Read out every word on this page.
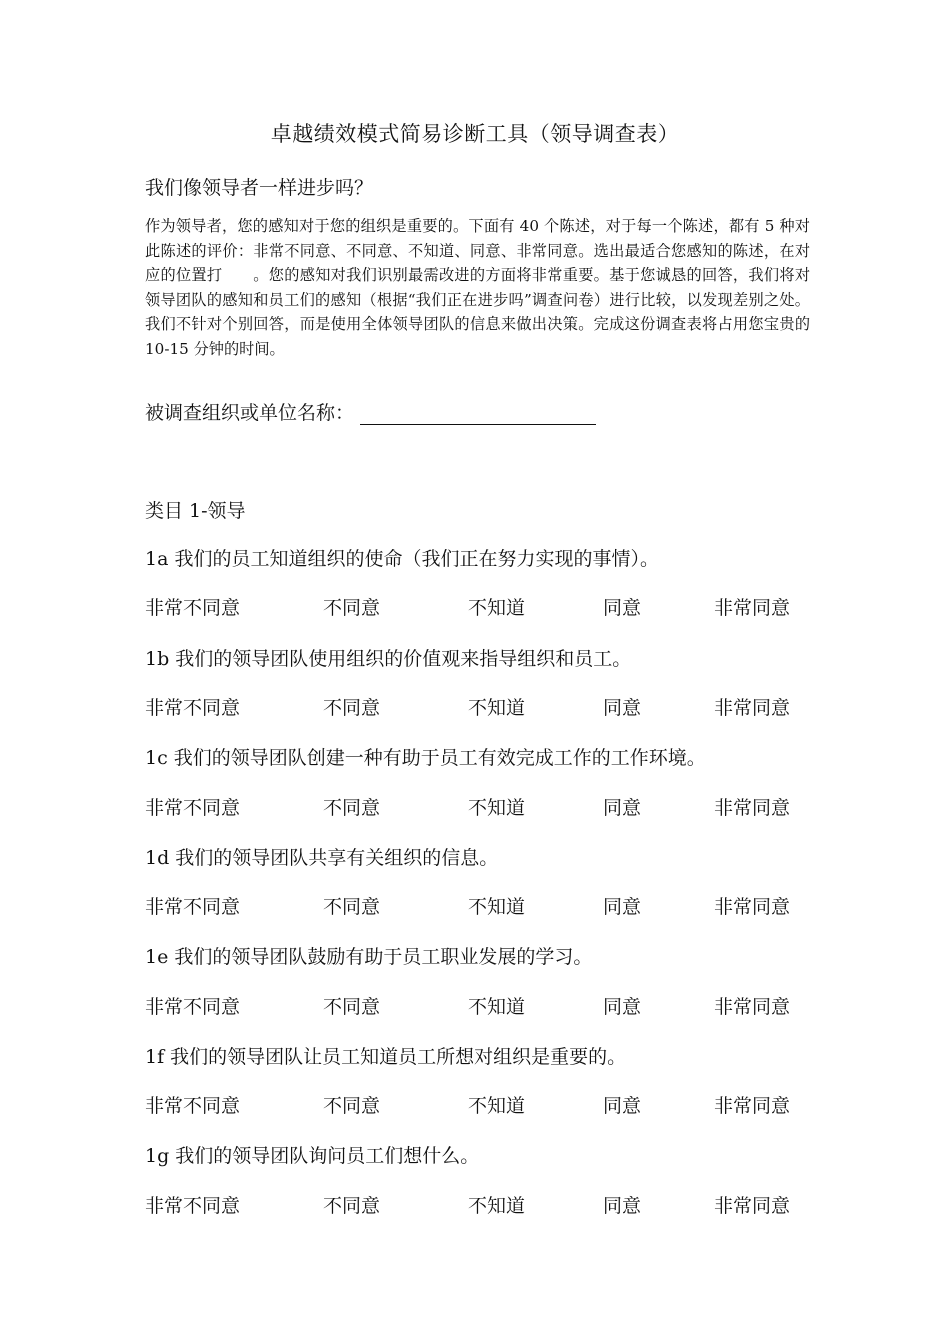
卓越绩效模式简易诊断工具（领导调查表）
我们像领导者一样进步吗？
作为领导者，您的感知对于您的组织是重要的。下面有 40 个陈述，对于每一个陈述，都有 5 种对此陈述的评价：非常不同意、不同意、不知道、同意、非常同意。选出最适合您感知的陈述，在对应的位置打　　。您的感知对我们识别最需改进的方面将非常重要。基于您诚恳的回答，我们将对领导团队的感知和员工们的感知（根据“我们正在进步吗”调查问卷）进行比较，以发现差别之处。我们不针对个别回答，而是使用全体领导团队的信息来做出决策。完成这份调查表将占用您宝贵的 10-15 分钟的时间。
被调查组织或单位名称：
类目 1-领导
1a 我们的员工知道组织的使命（我们正在努力实现的事情）。
非常不同意	不同意	不知道	同意	非常同意
1b 我们的领导团队使用组织的价值观来指导组织和员工。
非常不同意	不同意	不知道	同意	非常同意
1c 我们的领导团队创建一种有助于员工有效完成工作的工作环境。
非常不同意	不同意	不知道	同意	非常同意
1d 我们的领导团队共享有关组织的信息。
非常不同意	不同意	不知道	同意	非常同意
1e 我们的领导团队鼓励有助于员工职业发展的学习。
非常不同意	不同意	不知道	同意	非常同意
1f 我们的领导团队让员工知道员工所想对组织是重要的。
非常不同意	不同意	不知道	同意	非常同意
1g 我们的领导团队询问员工们想什么。
非常不同意	不同意	不知道	同意	非常同意
